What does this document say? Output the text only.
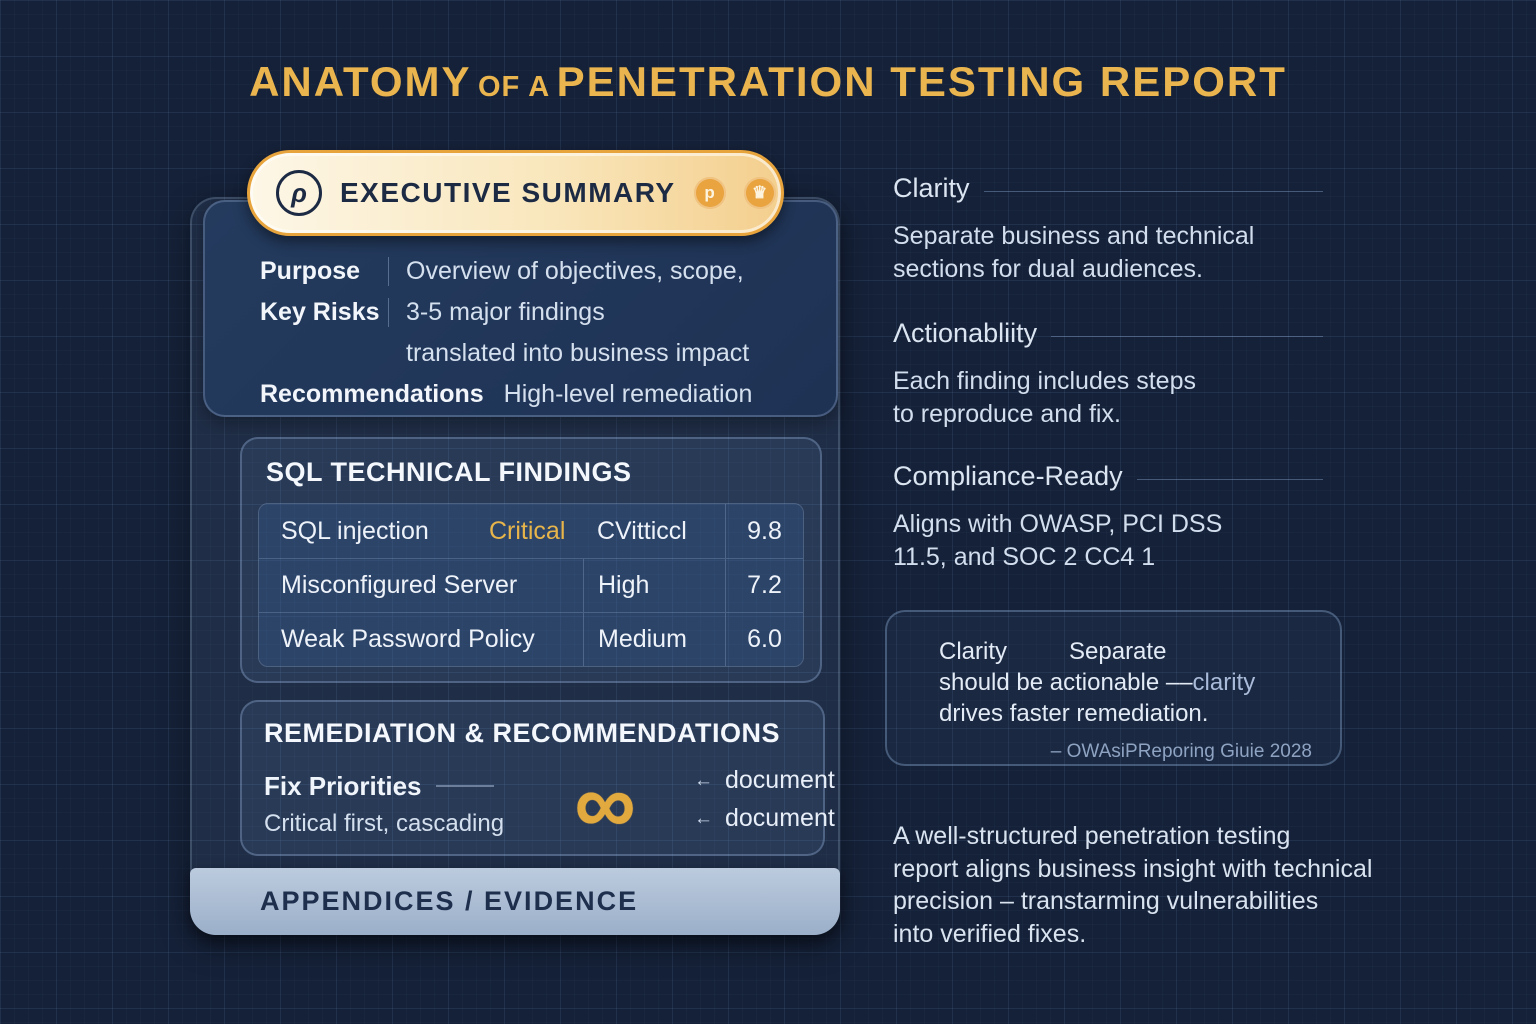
ANATOMY OF A PENETRATION TESTING REPORT
ρ	EXECUTIVE SUMMARY	p	♛
Purpose	Overview of objectives, scope,
Key Risks	3-5 major findings
translated into business impact
Recommendations High-level remediation
SQL TECHNICAL FINDINGS
SQL injection	Critical	CVitticcl	9.8
Misconfigured Server	High	7.2
Weak Password Policy	Medium	6.0
REMEDIATION & RECOMMENDATIONS
Fix Priorities
Critical first, cascading ∞	← document
← document
APPENDICES / EVIDENCE
Clarity
Separate business and technical
sections for dual audiences.
Λctionabliity
Each finding includes steps
to reproduce and fix.
Compliance-Ready
Aligns with OWASP, PCI DSS
11.5, and SOC 2 CC4 1
Clarity	Separate
should be actionable ––clarity
drives faster remediation.
– OWAsiPReporing Giuie 2028
A well-structured penetration testing
report aligns business insight with technical
precision – transtarming vulnerabilities
into verified fixes.
